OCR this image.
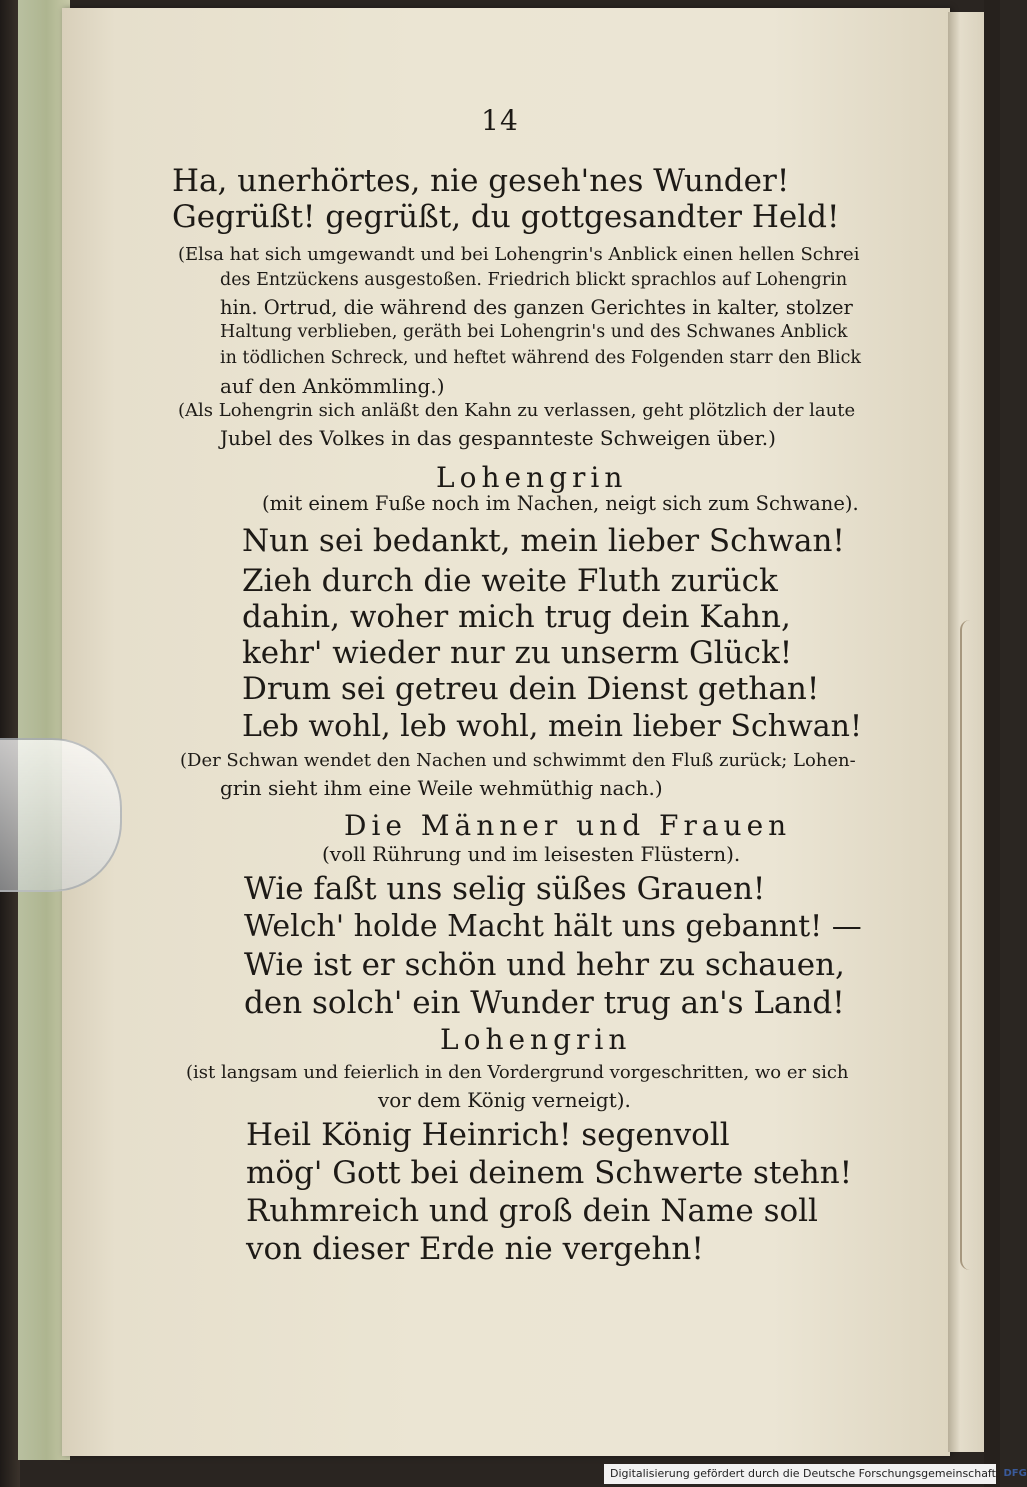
14
Ha, unerhörtes, nie geseh'nes Wunder!
Gegrüßt! gegrüßt, du gottgesandter Held!
(Elsa hat sich umgewandt und bei Lohengrin's Anblick einen hellen Schrei
des Entzückens ausgestoßen. Friedrich blickt sprachlos auf Lohengrin
hin. Ortrud, die während des ganzen Gerichtes in kalter, stolzer
Haltung verblieben, geräth bei Lohengrin's und des Schwanes Anblick
in tödlichen Schreck, und heftet während des Folgenden starr den Blick
auf den Ankömmling.)
(Als Lohengrin sich anläßt den Kahn zu verlassen, geht plötzlich der laute
Jubel des Volkes in das gespannteste Schweigen über.)
Lohengrin
(mit einem Fuße noch im Nachen, neigt sich zum Schwane).
Nun sei bedankt, mein lieber Schwan!
Zieh durch die weite Fluth zurück
dahin, woher mich trug dein Kahn,
kehr' wieder nur zu unserm Glück!
Drum sei getreu dein Dienst gethan!
Leb wohl, leb wohl, mein lieber Schwan!
(Der Schwan wendet den Nachen und schwimmt den Fluß zurück; Lohen-
grin sieht ihm eine Weile wehmüthig nach.)
Die Männer und Frauen
(voll Rührung und im leisesten Flüstern).
Wie faßt uns selig süßes Grauen!
Welch' holde Macht hält uns gebannt! —
Wie ist er schön und hehr zu schauen,
den solch' ein Wunder trug an's Land!
Lohengrin
(ist langsam und feierlich in den Vordergrund vorgeschritten, wo er sich
vor dem König verneigt).
Heil König Heinrich! segenvoll
mög' Gott bei deinem Schwerte stehn!
Ruhmreich und groß dein Name soll
von dieser Erde nie vergehn!
Digitalisierung gefördert durch die Deutsche Forschungsgemeinschaft DFG
